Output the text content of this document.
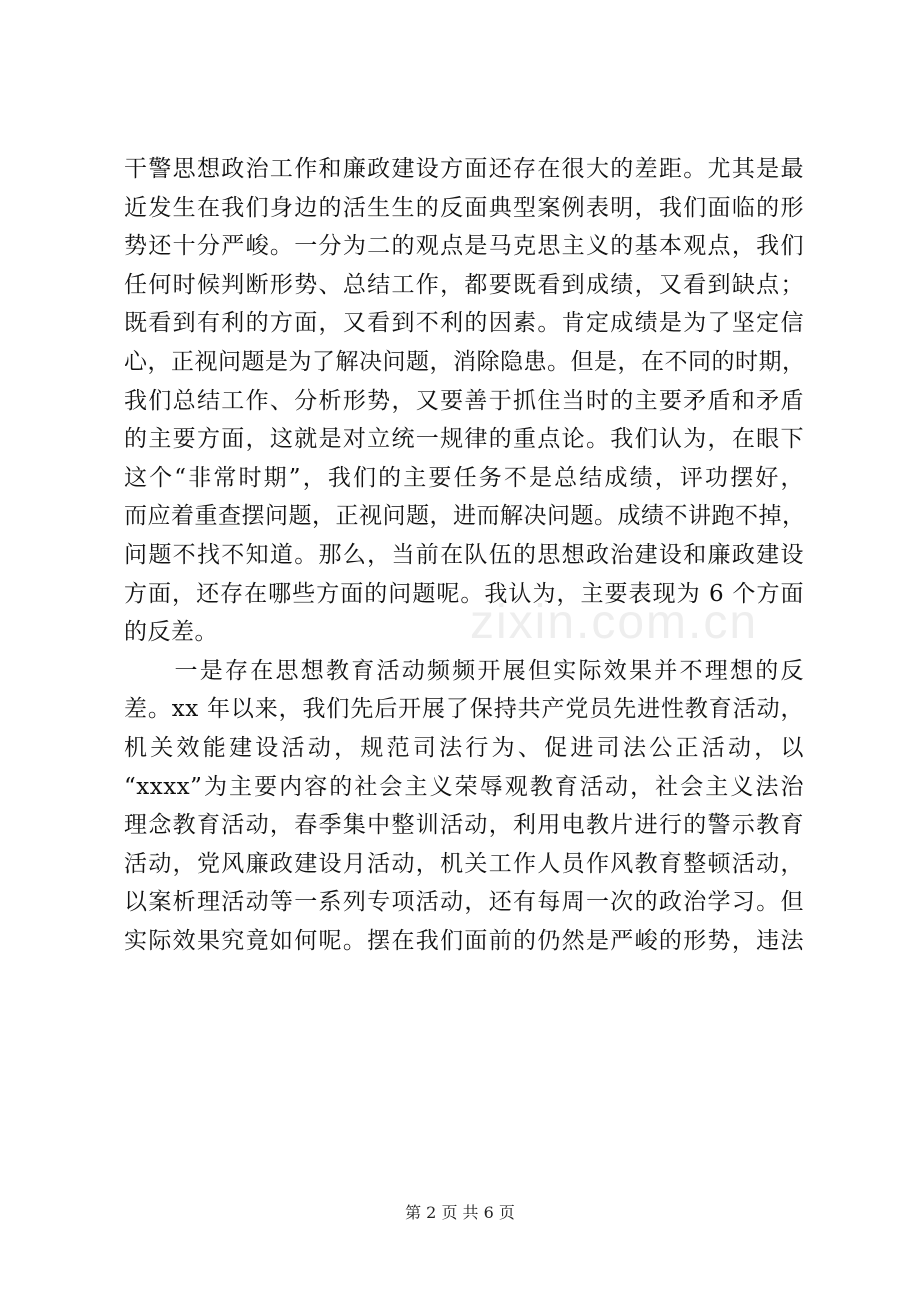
干警思想政治工作和廉政建设方面还存在很大的差距。尤其是最
近发生在我们身边的活生生的反面典型案例表明，我们面临的形
势还十分严峻。一分为二的观点是马克思主义的基本观点，我们
任何时候判断形势、总结工作，都要既看到成绩，又看到缺点；
既看到有利的方面，又看到不利的因素。肯定成绩是为了坚定信
心，正视问题是为了解决问题，消除隐患。但是，在不同的时期，
我们总结工作、分析形势，又要善于抓住当时的主要矛盾和矛盾
的主要方面，这就是对立统一规律的重点论。我们认为，在眼下
这个“非常时期”，我们的主要任务不是总结成绩，评功摆好，
而应着重查摆问题，正视问题，进而解决问题。成绩不讲跑不掉，
问题不找不知道。那么，当前在队伍的思想政治建设和廉政建设
方面，还存在哪些方面的问题呢。我认为，主要表现为 6 个方面
的反差。
　　一是存在思想教育活动频频开展但实际效果并不理想的反
差。xx 年以来，我们先后开展了保持共产党员先进性教育活动，
机关效能建设活动，规范司法行为、促进司法公正活动，以
“xxxx”为主要内容的社会主义荣辱观教育活动，社会主义法治
理念教育活动，春季集中整训活动，利用电教片进行的警示教育
活动，党风廉政建设月活动，机关工作人员作风教育整顿活动，
以案析理活动等一系列专项活动，还有每周一次的政治学习。但
实际效果究竟如何呢。摆在我们面前的仍然是严峻的形势，违法
zixin.com.cn
第 2 页 共 6 页
